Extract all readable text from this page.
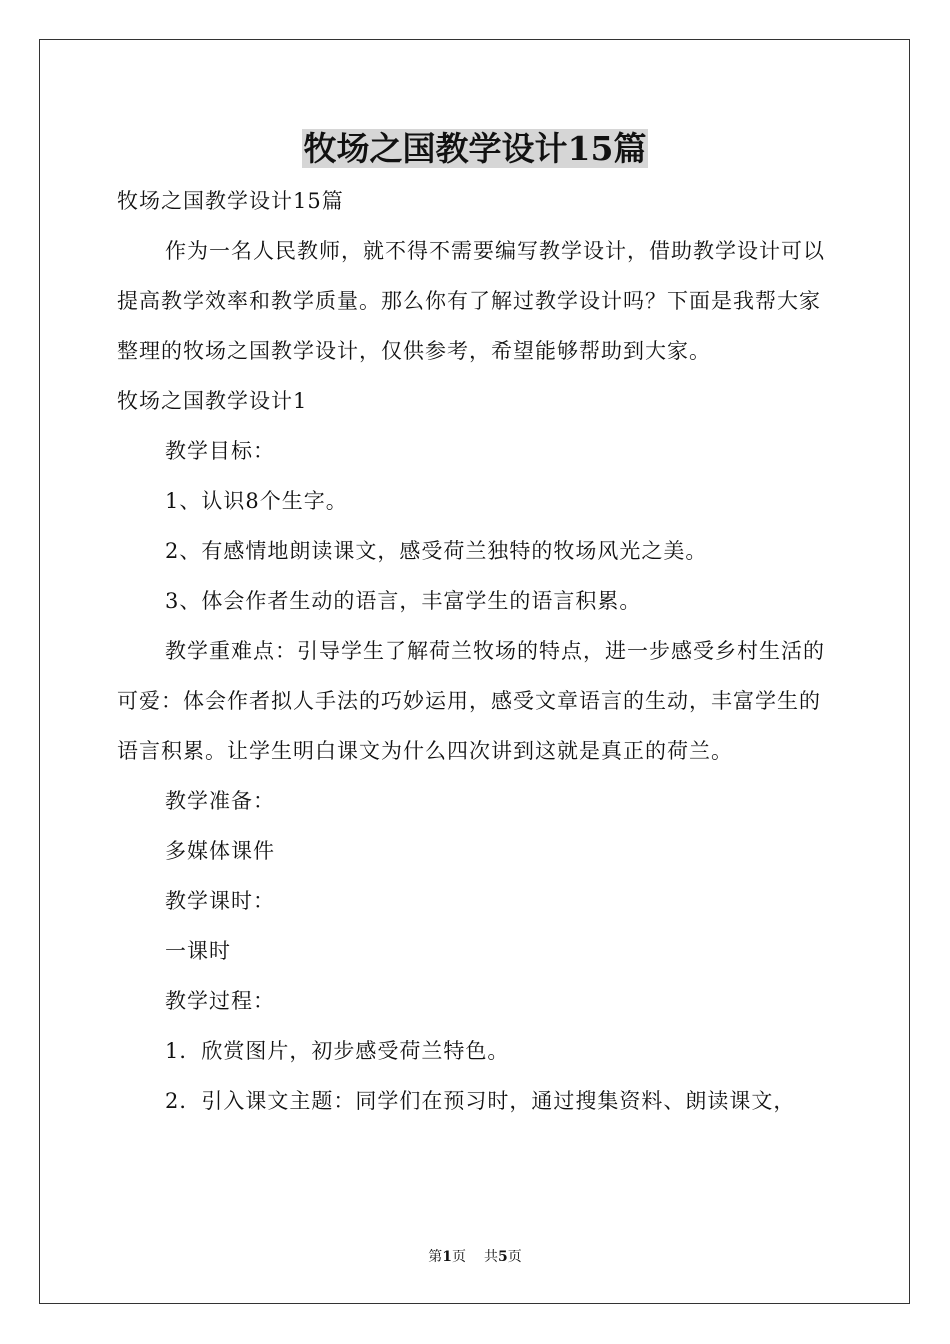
牧场之国教学设计15篇

牧场之国教学设计15篇

作为一名人民教师，就不得不需要编写教学设计，借助教学设计可以提高教学效率和教学质量。那么你有了解过教学设计吗？下面是我帮大家整理的牧场之国教学设计，仅供参考，希望能够帮助到大家。

牧场之国教学设计1

教学目标：

1、认识8个生字。

2、有感情地朗读课文，感受荷兰独特的牧场风光之美。

3、体会作者生动的语言，丰富学生的语言积累。

教学重难点：引导学生了解荷兰牧场的特点，进一步感受乡村生活的可爱：体会作者拟人手法的巧妙运用，感受文章语言的生动，丰富学生的语言积累。让学生明白课文为什么四次讲到这就是真正的荷兰。

教学准备：

多媒体课件

教学课时：

一课时

教学过程：

1．欣赏图片，初步感受荷兰特色。

2．引入课文主题：同学们在预习时，通过搜集资料、朗读课文，

第1页 共5页
